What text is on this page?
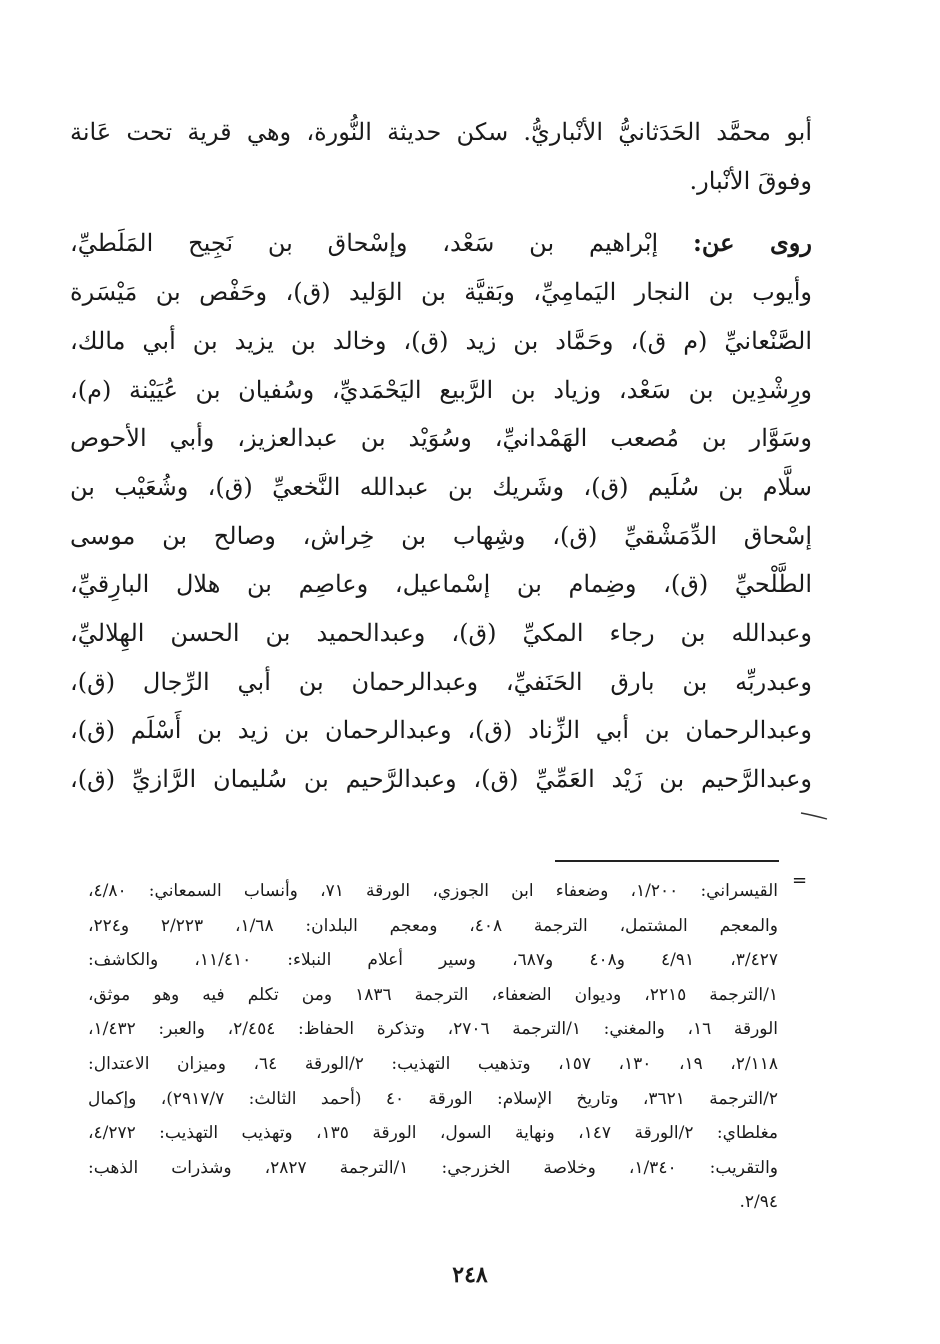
أبو محمَّد الحَدَثانيُّ الأنْباريُّ. سكن حديثة النُّورة، وهي قرية تحت عَانة
وفوقَ الأنْبار.
روى عن: إبْراهيم بن سَعْد، وإسْحاق بن نَجِيح المَلَطيِّ،
وأيوب بن النجار اليَمامِيِّ، وبَقيَّة بن الوَليد (ق)، وحَفْص بن مَيْسَرة
الصَّنْعانيِّ (م ق)، وحَمَّاد بن زيد (ق)، وخالد بن يزيد بن أبي مالك،
ورِشْدِين بن سَعْد، وزياد بن الرَّبيع اليَحْمَديِّ، وسُفيان بن عُيَيْنة (م)،
وسَوَّار بن مُصعب الهَمْدانيِّ، وسُوَيْد بن عبدالعزيز، وأبي الأحوص
سلَّام بن سُلَيم (ق)، وشَريك بن عبدالله النَّخعيِّ (ق)، وشُعَيْب بن
إسْحاق الدِّمَشْقيِّ (ق)، وشِهاب بن خِراش، وصالح بن موسى
الطَّلْحيِّ (ق)، وضِمام بن إسْماعيل، وعاصِم بن هلال البارِقيِّ،
وعبدالله بن رجاء المكيِّ (ق)، وعبدالحميد بن الحسن الهِلاليِّ،
وعبدربِّه بن بارق الحَنَفيِّ، وعبدالرحمان بن أبي الرِّجال (ق)،
وعبدالرحمان بن أبي الزِّناد (ق)، وعبدالرحمان بن زيد بن أَسْلَم (ق)،
وعبدالرَّحيم بن زَيْد العَمِّيِّ (ق)، وعبدالرَّحيم بن سُليمان الرَّازيِّ (ق)،
=
القيسراني: ١/٢٠٠، وضعفاء ابن الجوزي، الورقة ٧١، وأنساب السمعاني: ٤/٨٠،
والمعجم المشتمل، الترجمة ٤٠٨، ومعجم البلدان: ١/٦٨، ٢/٢٢٣ و٢٢٤،
٣/٤٢٧، ٤/٩١ و٤٠٨ و٦٨٧، وسير أعلام النبلاء: ١١/٤١٠، والكاشف:
١/الترجمة ٢٢١٥، وديوان الضعفاء، الترجمة ١٨٣٦ ومن تكلم فيه وهو موثق،
الورقة ١٦، والمغني: ١/الترجمة ٢٧٠٦، وتذكرة الحفاظ: ٢/٤٥٤، والعبر: ١/٤٣٢،
٢/١١٨، ١٩، ١٣٠، ١٥٧، وتذهيب التهذيب: ٢/الورقة ٦٤، وميزان الاعتدال:
٢/الترجمة ٣٦٢١، وتاريخ الإسلام: الورقة ٤٠ (أحمد الثالث: ٢٩١٧/٧)، وإكمال
مغلطاي: ٢/الورقة ١٤٧، ونهاية السول، الورقة ١٣٥، وتهذيب التهذيب: ٤/٢٧٢،
والتقريب: ١/٣٤٠، وخلاصة الخزرجي: ١/الترجمة ٢٨٢٧، وشذرات الذهب:
٢/٩٤.
٢٤٨
